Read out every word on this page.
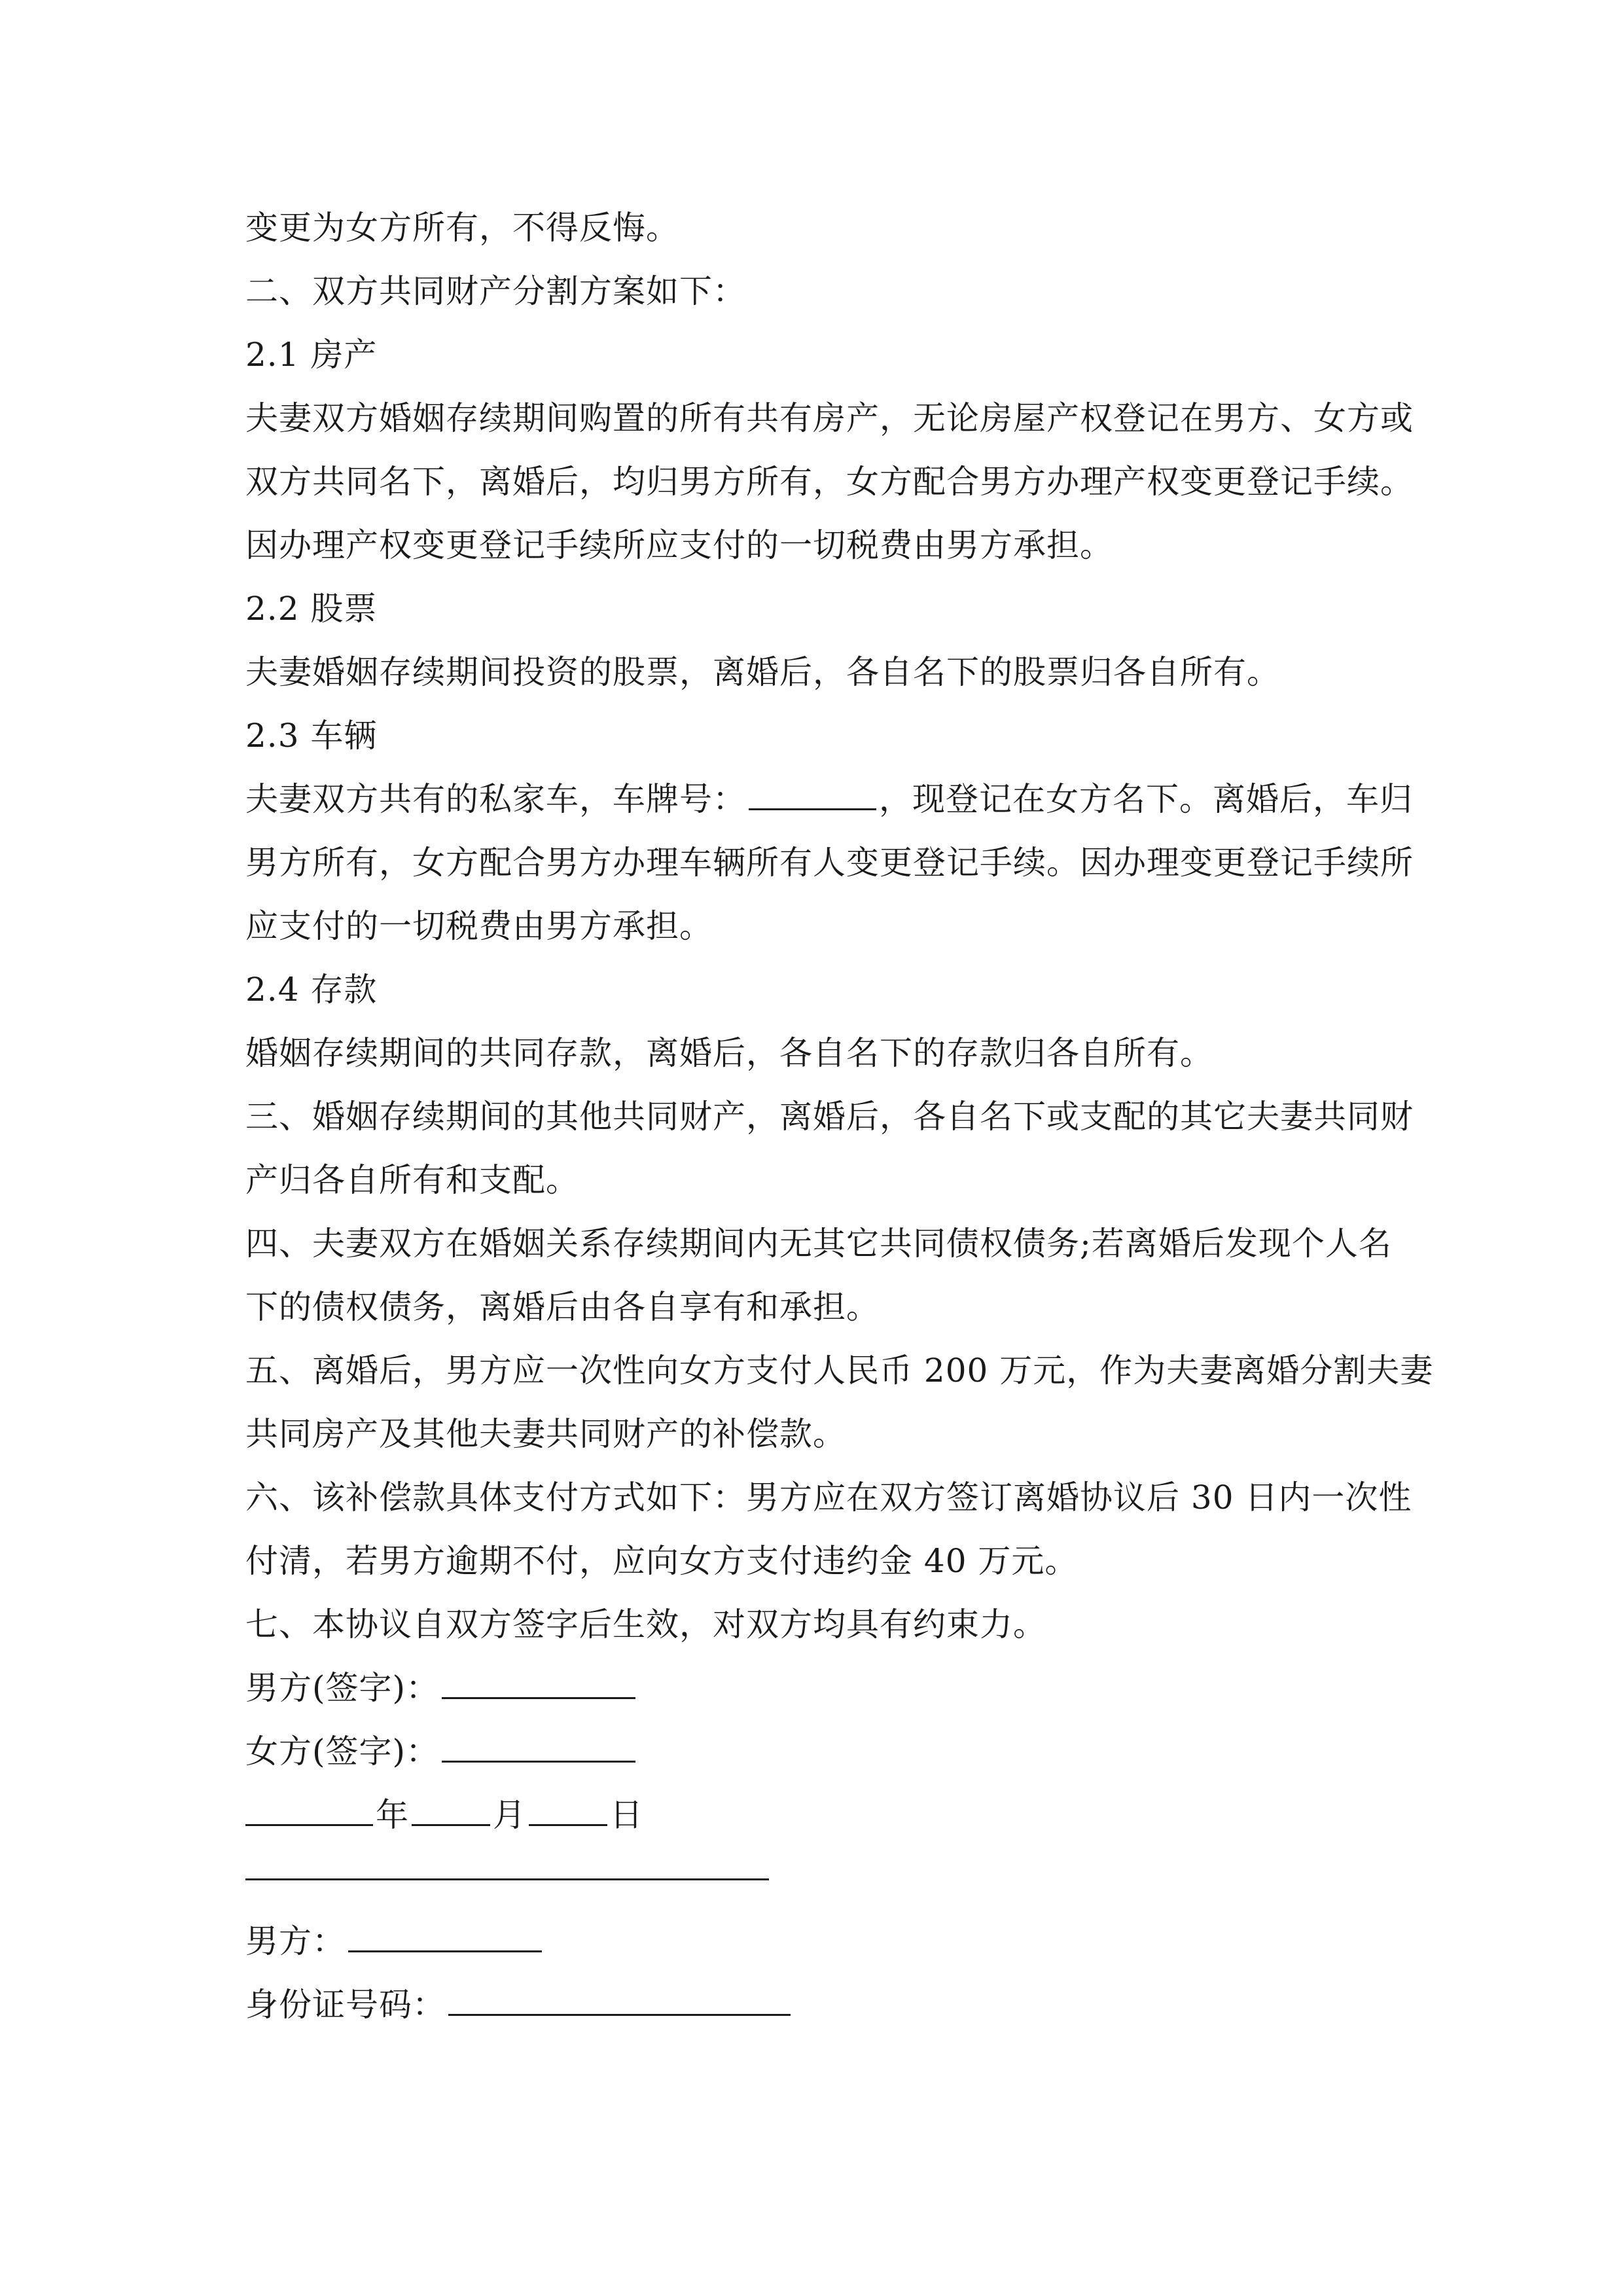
变更为女方所有，不得反悔。
二、双方共同财产分割方案如下：
2.1 房产
夫妻双方婚姻存续期间购置的所有共有房产，无论房屋产权登记在男方、女方或
双方共同名下，离婚后，均归男方所有，女方配合男方办理产权变更登记手续。
因办理产权变更登记手续所应支付的一切税费由男方承担。
2.2 股票
夫妻婚姻存续期间投资的股票，离婚后，各自名下的股票归各自所有。
2.3 车辆
夫妻双方共有的私家车，车牌号：	，现登记在女方名下。离婚后，车归
男方所有，女方配合男方办理车辆所有人变更登记手续。因办理变更登记手续所
应支付的一切税费由男方承担。
2.4 存款
婚姻存续期间的共同存款，离婚后，各自名下的存款归各自所有。
三、婚姻存续期间的其他共同财产，离婚后，各自名下或支配的其它夫妻共同财
产归各自所有和支配。
四、夫妻双方在婚姻关系存续期间内无其它共同债权债务;若离婚后发现个人名
下的债权债务，离婚后由各自享有和承担。
五、离婚后，男方应一次性向女方支付人民币 200 万元，作为夫妻离婚分割夫妻
共同房产及其他夫妻共同财产的补偿款。
六、该补偿款具体支付方式如下：男方应在双方签订离婚协议后 30 日内一次性
付清，若男方逾期不付，应向女方支付违约金 40 万元。
七、本协议自双方签字后生效，对双方均具有约束力。
男方(签字)：
女方(签字)：
年	月	日
男方：
身份证号码：
